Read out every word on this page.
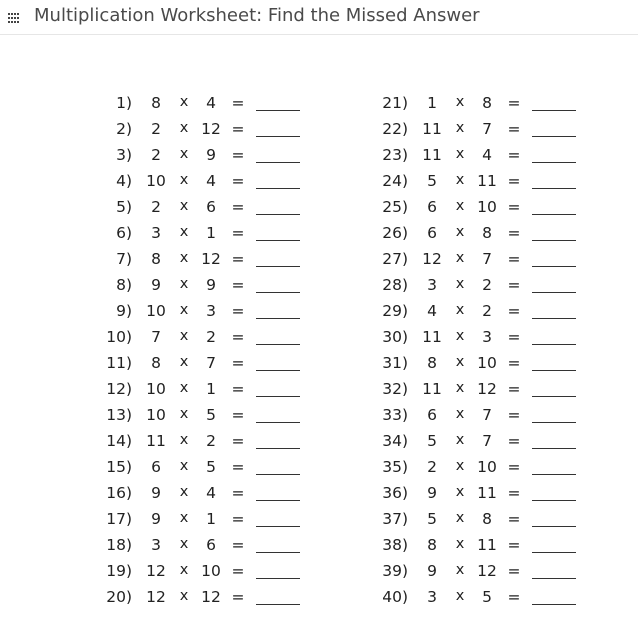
Multiplication Worksheet: Find the Missed Answer
1)	8	x	4	=
2)	2	x 12 =
3)	2	x	9	=
4) 10 x	4	=
5)	2	x	6	=
6)	3	x	1	=
7)	8	x 12 =
8)	9	x	9	=
9) 10 x	3	=
10)	7	x	2	=
11)	8	x	7	=
12) 10 x	1	=
13) 10 x	5	=
14) 11 x	2	=
15)	6	x	5	=
16)	9	x	4	=
17)	9	x	1	=
18)	3	x	6	=
19) 12 x 10 =
20) 12 x 12 =
21)	1	x	8	=
22) 11 x	7	=
23) 11 x	4	=
24)	5	x 11 =
25)	6	x 10 =
26)	6	x	8	=
27) 12 x	7	=
28)	3	x	2	=
29)	4	x	2	=
30) 11 x	3	=
31)	8	x 10 =
32) 11 x 12 =
33)	6	x	7	=
34)	5	x	7	=
35)	2	x 10 =
36)	9	x 11 =
37)	5	x	8	=
38)	8	x 11 =
39)	9	x 12 =
40)	3	x	5	=
